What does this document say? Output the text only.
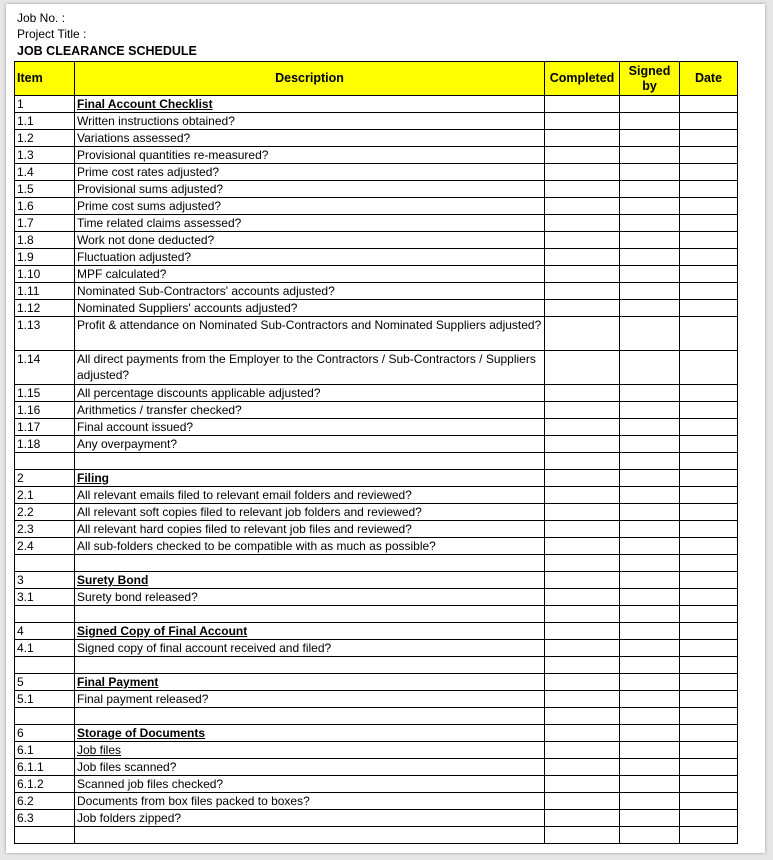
Job No. :
Project Title :
JOB CLEARANCE SCHEDULE
Item	Description	Completed	Signed by	Date
1	Final Account Checklist			
1.1	Written instructions obtained?			
1.2	Variations assessed?			
1.3	Provisional quantities re-measured?			
1.4	Prime cost rates adjusted?			
1.5	Provisional sums adjusted?			
1.6	Prime cost sums adjusted?			
1.7	Time related claims assessed?			
1.8	Work not done deducted?			
1.9	Fluctuation adjusted?			
1.10	MPF calculated?			
1.11	Nominated Sub-Contractors' accounts adjusted?			
1.12	Nominated Suppliers' accounts adjusted?			
1.13	Profit & attendance on Nominated Sub-Contractors and Nominated Suppliers adjusted?			
1.14	All direct payments from the Employer to the Contractors / Sub-Contractors / Suppliers adjusted?			
1.15	All percentage discounts applicable adjusted?			
1.16	Arithmetics / transfer checked?			
1.17	Final account issued?			
1.18	Any overpayment?			

2	Filing			
2.1	All relevant emails filed to relevant email folders and reviewed?			
2.2	All relevant soft copies filed to relevant job folders and reviewed?			
2.3	All relevant hard copies filed to relevant job files and reviewed?			
2.4	All sub-folders checked to be compatible with as much as possible?			

3	Surety Bond			
3.1	Surety bond released?			

4	Signed Copy of Final Account			
4.1	Signed copy of final account received and filed?			

5	Final Payment			
5.1	Final payment released?			

6	Storage of Documents			
6.1	Job files			
6.1.1	Job files scanned?			
6.1.2	Scanned job files checked?			
6.2	Documents from box files packed to boxes?			
6.3	Job folders zipped?			
